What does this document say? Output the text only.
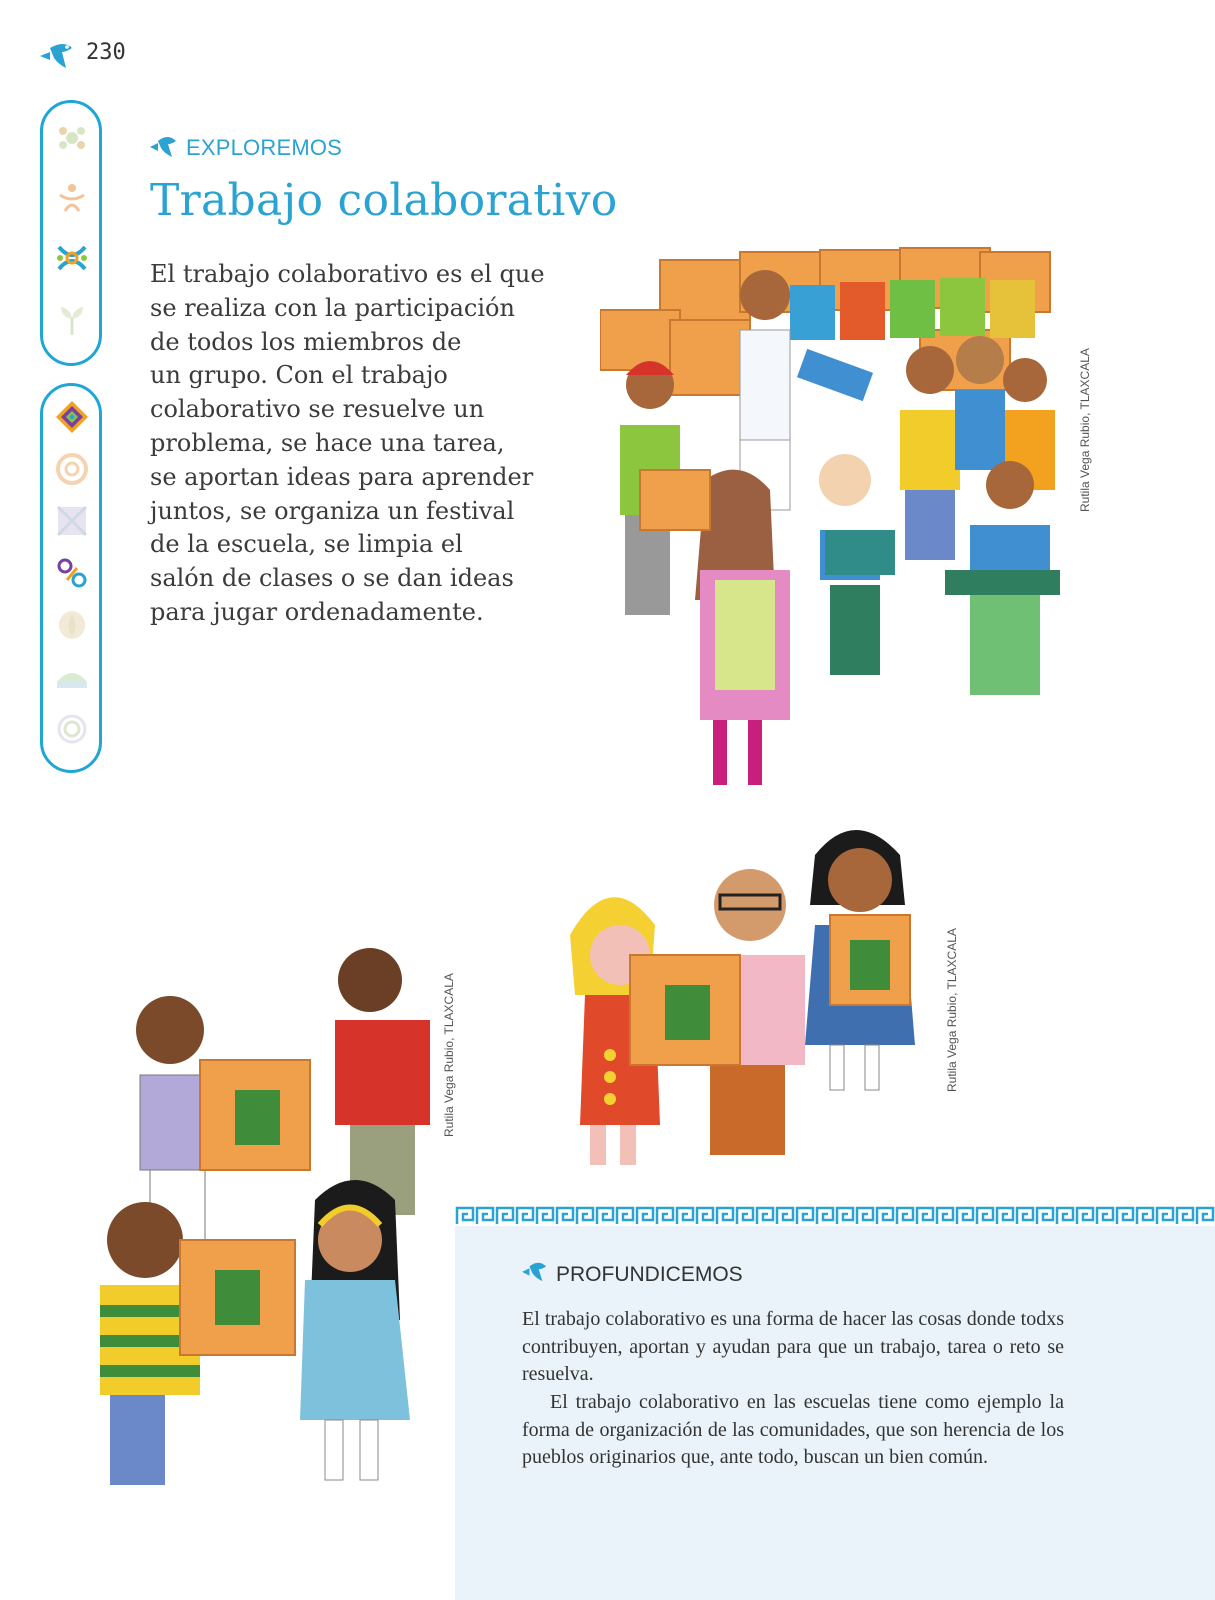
230
EXPLOREMOS
Trabajo colaborativo

El trabajo colaborativo es el que
se realiza con la participación
de todos los miembros de
un grupo. Con el trabajo
colaborativo se resuelve un
problema, se hace una tarea,
se aportan ideas para aprender
juntos, se organiza un festival
de la escuela, se limpia el
salón de clases o se dan ideas
para jugar ordenadamente.

Rutila Vega Rubio, TLAXCALA
Rutila Vega Rubio, TLAXCALA	Rutila Vega Rubio, TLAXCALA
PROFUNDICEMOS

El trabajo colaborativo es una forma de hacer las cosas donde todxs contribuyen, aportan y ayudan para que un trabajo, tarea o reto se resuelva.

El trabajo colaborativo en las escuelas tiene como ejemplo la forma de organización de las comunidades, que son herencia de los pueblos originarios que, ante todo, buscan un bien común.
